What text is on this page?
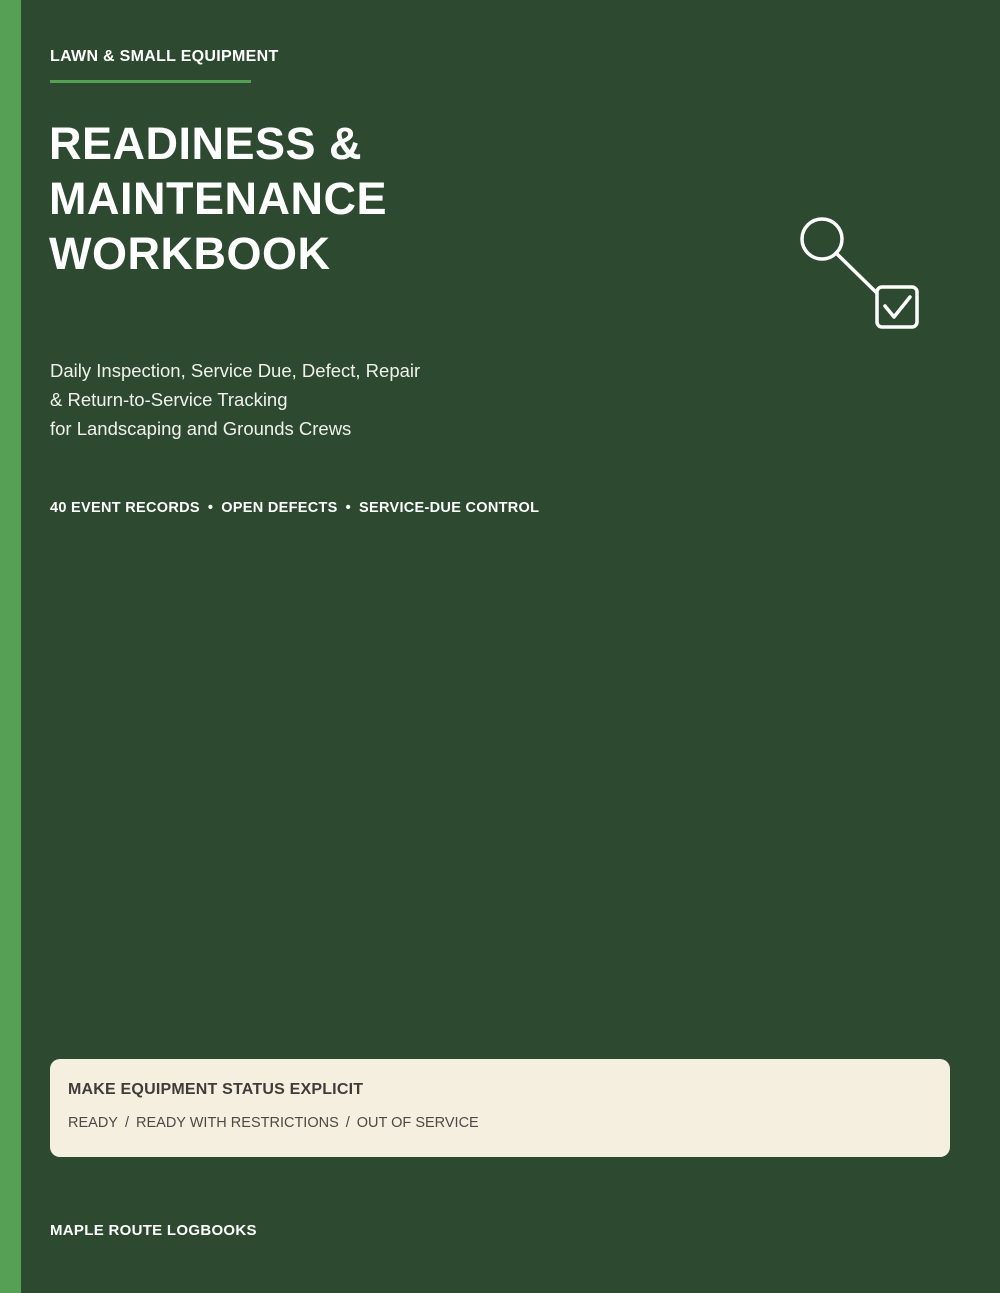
LAWN & SMALL EQUIPMENT

READINESS &
MAINTENANCE
WORKBOOK

Daily Inspection, Service Due, Defect, Repair
& Return-to-Service Tracking
for Landscaping and Grounds Crews

40 EVENT RECORDS • OPEN DEFECTS • SERVICE-DUE CONTROL
MAKE EQUIPMENT STATUS EXPLICIT
READY / READY WITH RESTRICTIONS / OUT OF SERVICE
MAPLE ROUTE LOGBOOKS
